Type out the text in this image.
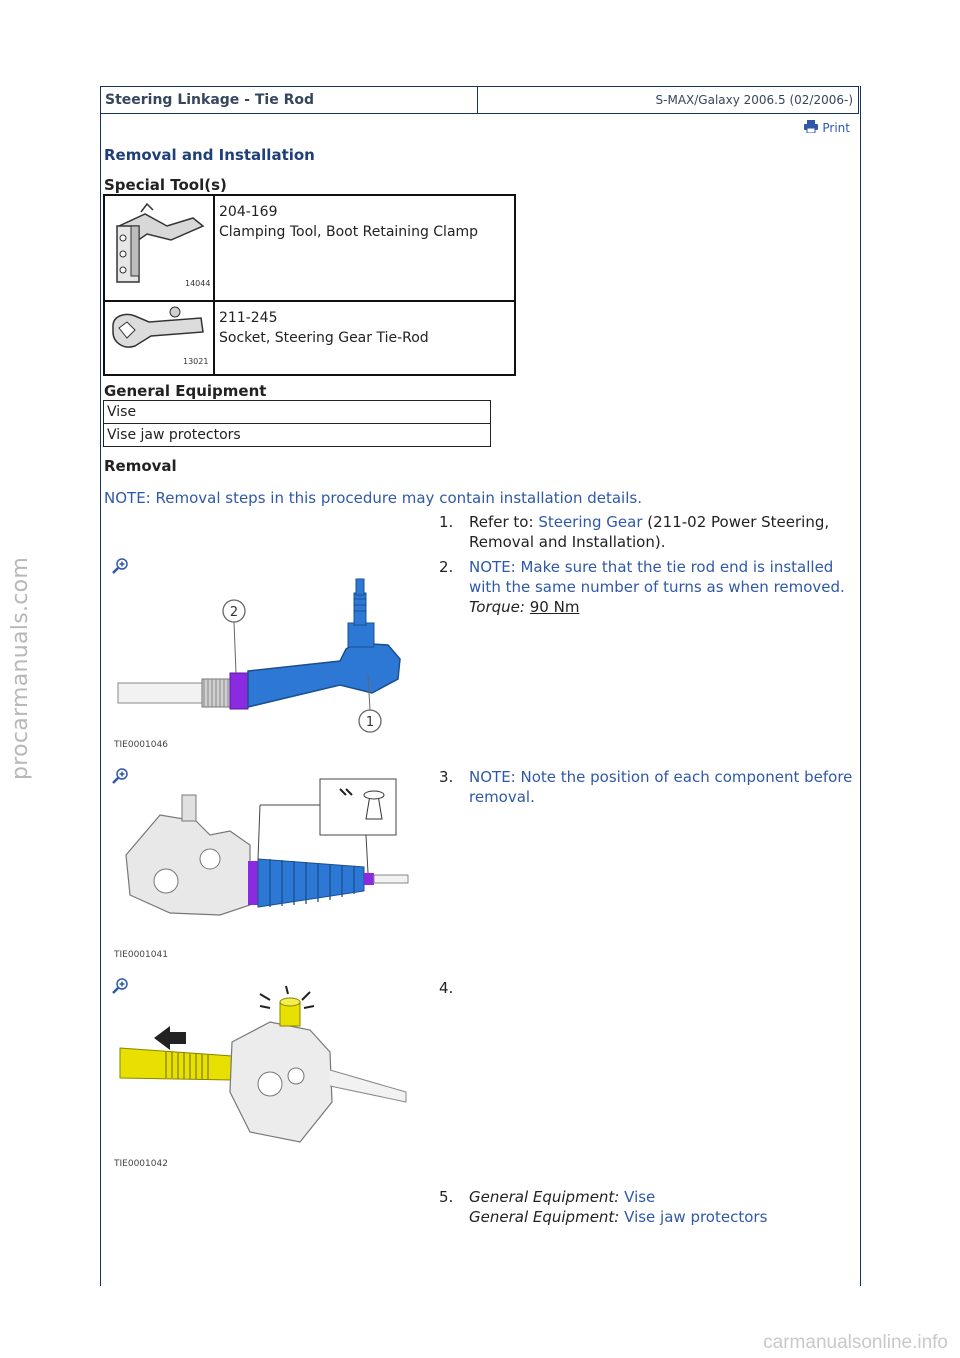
procarmanuals.com
carmanualsonline.info
Steering Linkage - Tie Rod	S-MAX/Galaxy 2006.5 (02/2006-)
Print
Removal and Installation
Special Tool(s)
14044	204-169
Clamping Tool, Boot Retaining Clamp

13021	211-245
Socket, Steering Gear Tie-Rod
General Equipment
Vise
Vise jaw protectors
Removal
NOTE: Removal steps in this procedure may contain installation details.
1. Refer to: Steering Gear (211-02 Power Steering, Removal and Installation).
2
1
TIE0001046
2. NOTE: Make sure that the tie rod end is installed with the same number of turns as when removed.
Torque: 90 Nm
TIE0001041
3. NOTE: Note the position of each component before removal.
TIE0001042
4.
5. General Equipment: Vise
General Equipment: Vise jaw protectors
